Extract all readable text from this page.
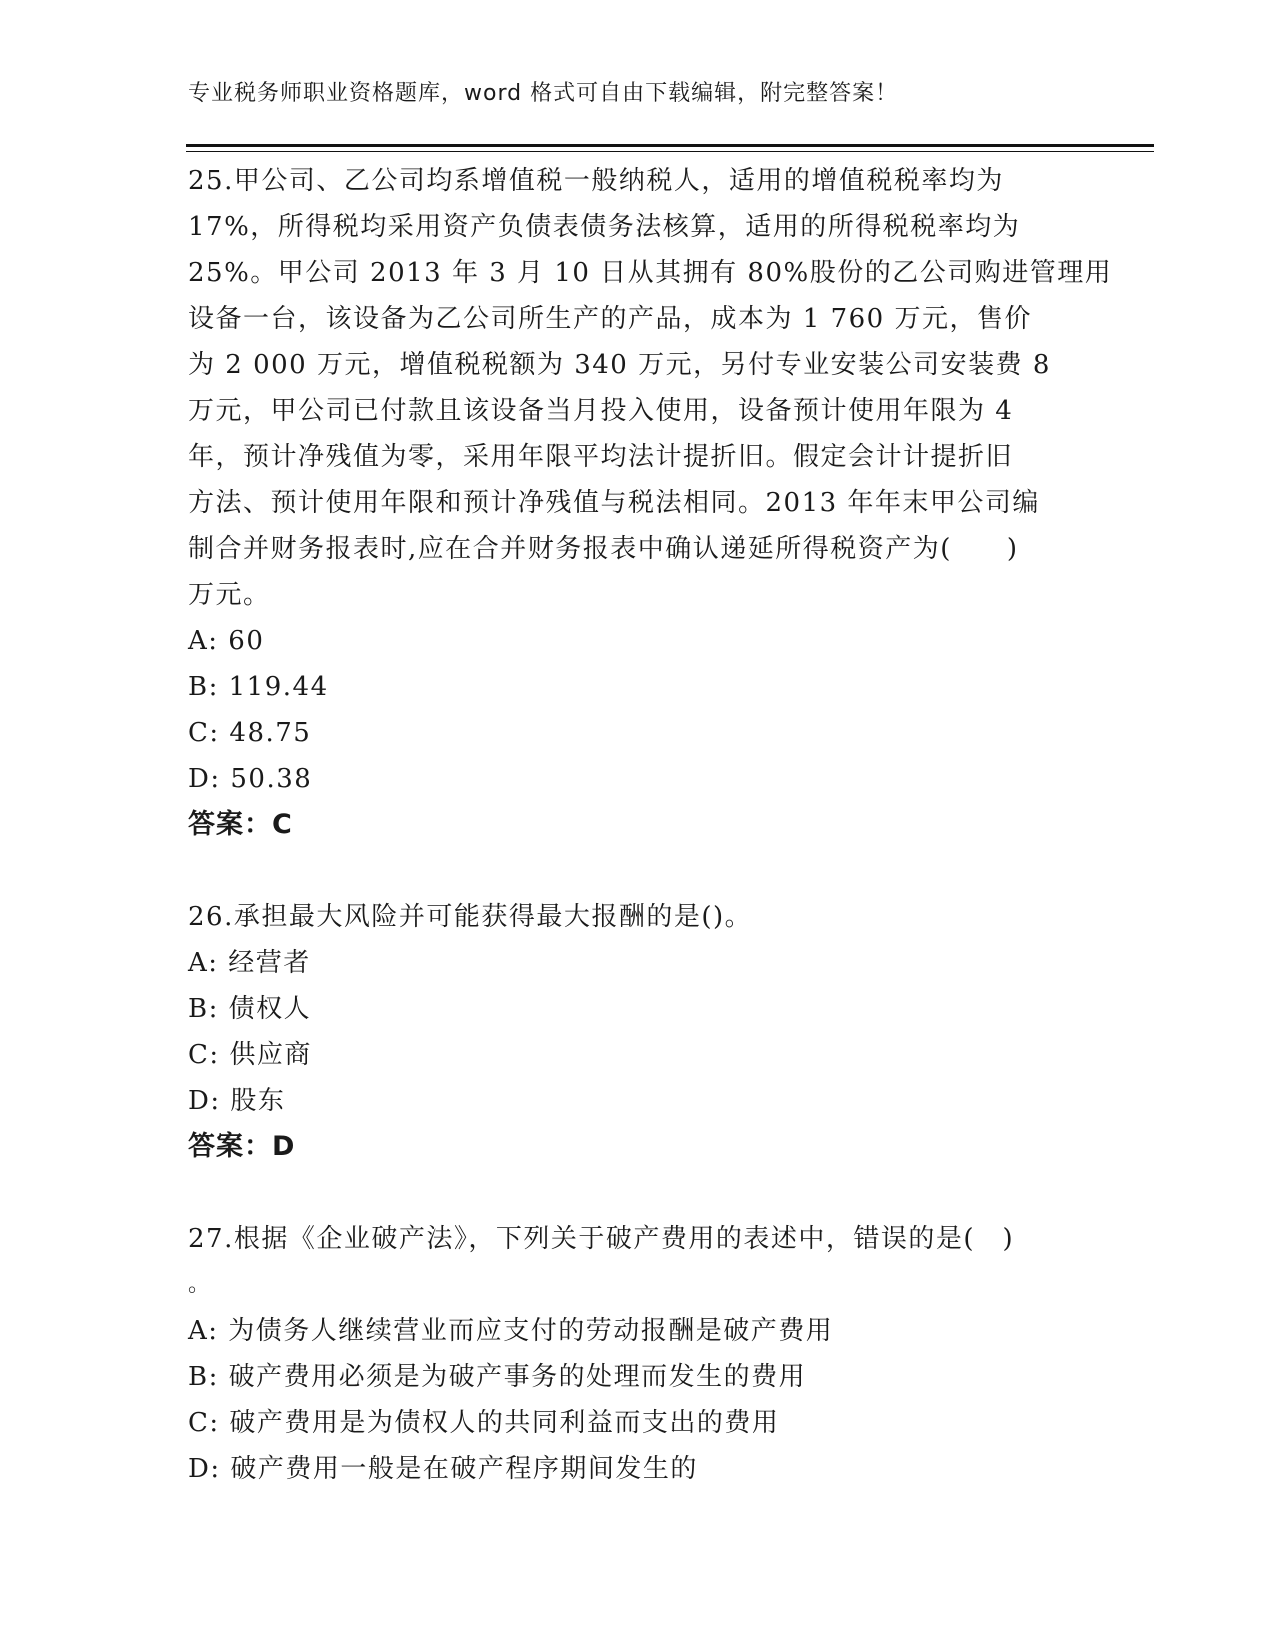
专业税务师职业资格题库，word 格式可自由下载编辑，附完整答案！
25.甲公司、乙公司均系增值税一般纳税人，适用的增值税税率均为
17%，所得税均采用资产负债表债务法核算，适用的所得税税率均为
25%。甲公司 2013 年 3 月 10 日从其拥有 80%股份的乙公司购进管理用
设备一台，该设备为乙公司所生产的产品，成本为 1 760 万元，售价
为 2 000 万元，增值税税额为 340 万元，另付专业安装公司安装费 8
万元，甲公司已付款且该设备当月投入使用，设备预计使用年限为 4
年，预计净残值为零，采用年限平均法计提折旧。假定会计计提折旧
方法、预计使用年限和预计净残值与税法相同。2013 年年末甲公司编
制合并财务报表时,应在合并财务报表中确认递延所得税资产为(　　)
万元。
A: 60
B: 119.44
C: 48.75
D: 50.38
答案：C
26.承担最大风险并可能获得最大报酬的是()。
A: 经营者
B: 债权人
C: 供应商
D: 股东
答案：D
27.根据《企业破产法》，下列关于破产费用的表述中，错误的是(　)
。
A: 为债务人继续营业而应支付的劳动报酬是破产费用
B: 破产费用必须是为破产事务的处理而发生的费用
C: 破产费用是为债权人的共同利益而支出的费用
D: 破产费用一般是在破产程序期间发生的
